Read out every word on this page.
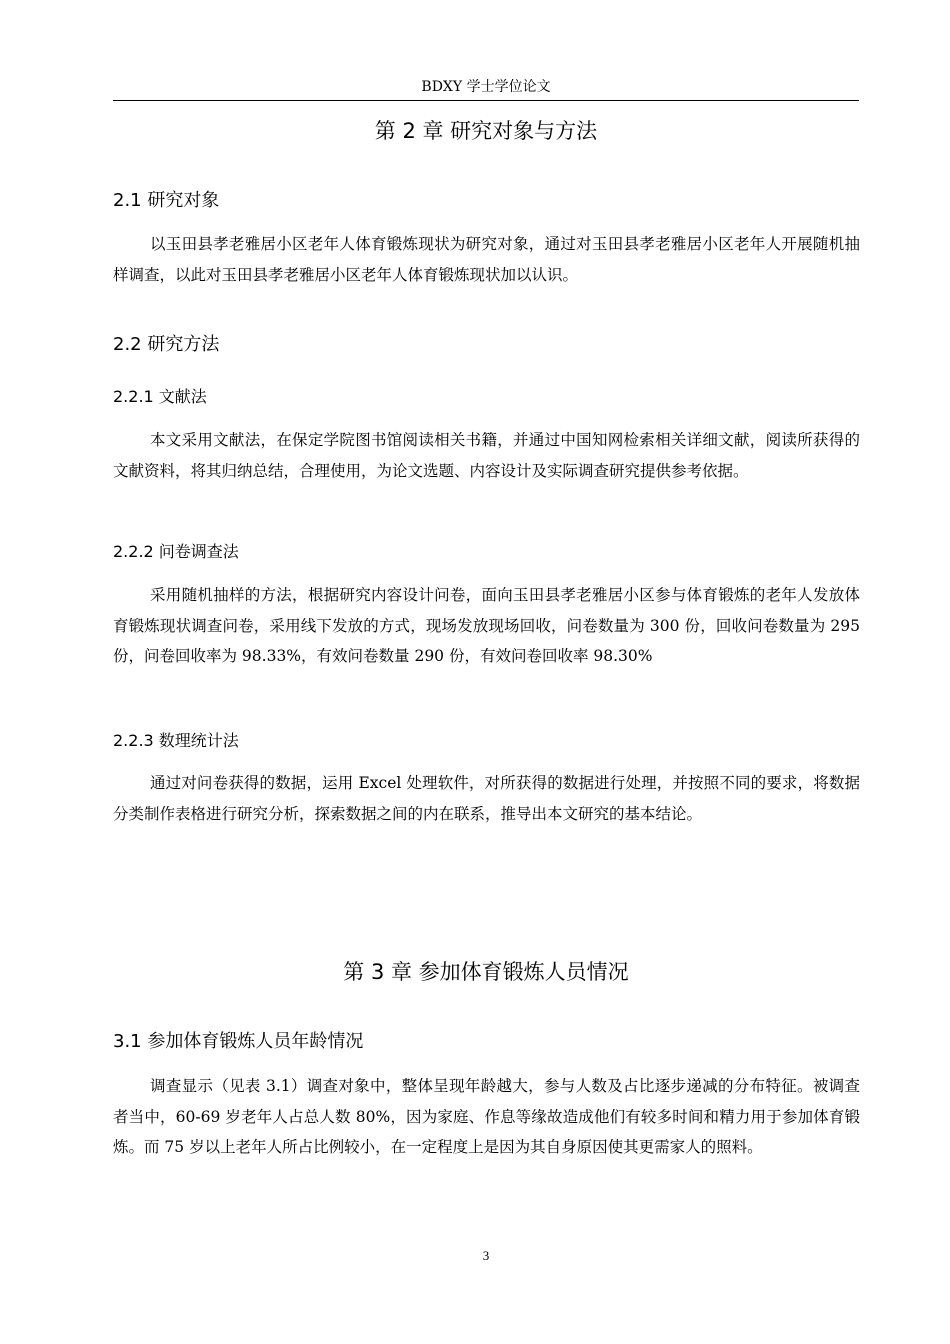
BDXY 学士学位论文
第 2 章 研究对象与方法
2.1 研究对象

以玉田县孝老雅居小区老年人体育锻炼现状为研究对象，通过对玉田县孝老雅居小区老年人开展随机抽样调查，以此对玉田县孝老雅居小区老年人体育锻炼现状加以认识。

2.2 研究方法
2.2.1 文献法

本文采用文献法，在保定学院图书馆阅读相关书籍，并通过中国知网检索相关详细文献，阅读所获得的文献资料，将其归纳总结，合理使用，为论文选题、内容设计及实际调查研究提供参考依据。

2.2.2 问卷调查法

采用随机抽样的方法，根据研究内容设计问卷，面向玉田县孝老雅居小区参与体育锻炼的老年人发放体育锻炼现状调查问卷，采用线下发放的方式，现场发放现场回收，问卷数量为 300 份，回收问卷数量为 295 份，问卷回收率为 98.33%，有效问卷数量 290 份，有效问卷回收率 98.30%

2.2.3 数理统计法

通过对问卷获得的数据，运用 Excel 处理软件，对所获得的数据进行处理，并按照不同的要求，将数据分类制作表格进行研究分析，探索数据之间的内在联系，推导出本文研究的基本结论。

第 3 章 参加体育锻炼人员情况
3.1 参加体育锻炼人员年龄情况

调查显示（见表 3.1）调查对象中，整体呈现年龄越大，参与人数及占比逐步递减的分布特征。被调查者当中，60-69 岁老年人占总人数 80%，因为家庭、作息等缘故造成他们有较多时间和精力用于参加体育锻炼。而 75 岁以上老年人所占比例较小，在一定程度上是因为其自身原因使其更需家人的照料。

3
